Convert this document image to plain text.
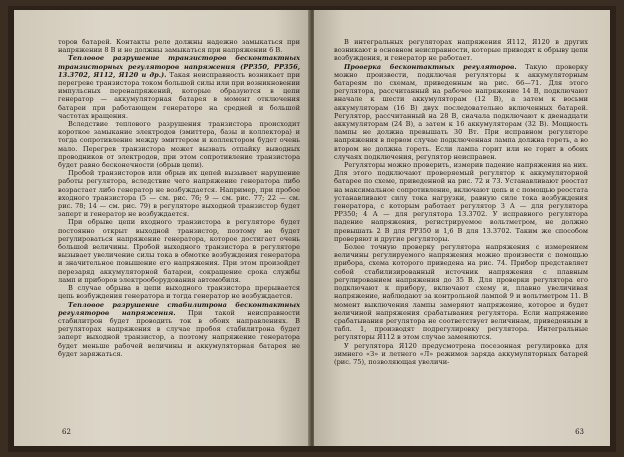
торов батарей. Контакты реле должны надежно замыкаться при напряжении 8 В и не должны замыкаться при напряжении 6 В.

Тепловое разрушение транзисторов бесконтактных транзисторных регуляторов напряжения (РР350, РР356, 13.3702, Я112, Я120 и др.). Такая неисправность возникает при перегреве транзистора током большой силы или при возникновении импульсных перенапряжений, которые образуются в цепи генератор — аккумуляторная батарея в момент отключения батареи при работающем генераторе на средней и большой частотах вращения.

Вследствие теплового разрушения транзистора происходит короткое замыкание электродов (эмиттера, базы и коллектора) и тогда сопротивление между эмиттером и коллектором будет очень мало. Перегрев транзистора может вызвать отпайку выводных проводников от электродов, при этом сопротивление транзистора будет равно бесконечности (обрыв цепи).

Пробой транзисторов или обрыв их цепей вызывает нарушение работы регулятора, вследствие чего напряжение генератора либо возрастает либо генератор не возбуждается. Например, при пробое входного транзистора (5 — см. рис. 76; 9 — см. рис. 77; 22 — см. рис. 78; 14 — см. рис. 79) в регуляторе выходной транзистор будет заперт и генератор не возбуждается.

При обрыве цепи входного транзистора в регуляторе будет постоянно открыт выходной транзистор, поэтому не будет регулироваться напряжение генератора, которое достигает очень большой величины. Пробой выходного транзистора в регуляторе вызывает увеличение силы тока в обмотке возбуждения генератора и значительное повышение его напряжения. При этом произойдет перезаряд аккумуляторной батареи, сокращение срока службы ламп и приборов электрооборудования автомобиля.

В случае обрыва в цепи выходного транзистора прерывается цепь возбуждения генератора и тогда генератор не возбуждается.

Тепловое разрушение стабилитрона бесконтактных регуляторов напряжения. При такой неисправности стабилитрон будет проводить ток в обоих направлениях. В регуляторах напряжения в случае пробоя стабилитрона будет заперт выходной транзистор, а поэтому напряжение генератора будет меньше рабочей величины и аккумуляторная батарея не будет заряжаться.

62

В интегральных регуляторах напряжения Я112, Я120 в других возникают в основном неисправности, которые приводят к обрыву цепи возбуждения, и генератор не работает.

Проверка бесконтактных регуляторов. Такую проверку можно произвести, подключая регуляторы к аккумуляторным батареям по схемам, приведенным на рис. 66—71. Для этого регулятора, рассчитанный на рабочее напряжение 14 В, подключают вначале к шести аккумуляторам (12 В), а затем к восьми аккумуляторам (16 В) двух последовательно включенных батарей. Регулятор, рассчитанный на 28 В, сначала подключают к двенадцати аккумуляторам (24 В), а затем к 16 аккумуляторам (32 В). Мощность лампы не должна превышать 30 Вт. При исправном регуляторе напряжения в первом случае подключенная лампа должна гореть, а во втором не должна гореть. Если лампа горит или не горит в обоих случаях подключения, регулятор неисправен.

Регуляторы можно проверить, измерив падение напряжения на них. Для этого подключают проверяемый регулятор к аккумуляторной батарее по схеме, приведенной на рис. 72 и 73. Устанавливают реостат на максимальное сопротивление, включают цепь и с помощью реостата устанавливают силу тока нагрузки, равную силе тока возбуждения генератора, с которым работает регулятор 3 А — для регулятора РР350; 4 А — для регулятора 13.3702. У исправного регулятора падение напряжения, регистрируемое вольтметром, не должно превышать 2 В для РР350 и 1,6 В для 13.3702. Таким же способом проверяют и другие регуляторы.

Более точную проверку регулятора напряжения с измерением величины регулируемого напряжения можно произвести с помощью прибора, схема которого приведена на рис. 74. Прибор представляет собой стабилизированный источник напряжения с плавным регулированием напряжения до 35 В. Для проверки регулятора его подключают к прибору, включают схему и, плавно увеличивая напряжение, наблюдают за контрольной лампой 9 и вольтметром 11. В момент выключения лампы замеряют напряжение, которое и будет величиной напряжения срабатывания регулятора. Если напряжение срабатывания регулятора не соответствует величинам, приведенным в табл. 1, производят подрегулировку регулятора. Интегральные регуляторы Я112 в этом случае заменяются.

У регулятора Я120 предусмотрена посезонная регулировка для зимнего «З» и летнего «Л» режимов заряда аккумуляторных батарей (рис. 75), позволяющая увеличи-

63
